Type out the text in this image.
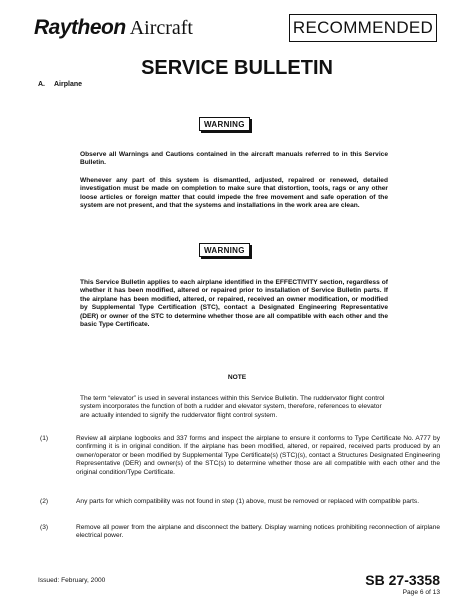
Raytheon Aircraft	RECOMMENDED
SERVICE BULLETIN
A. Airplane
WARNING
Observe all Warnings and Cautions contained in the aircraft manuals referred to in this Service Bulletin.
Whenever any part of this system is dismantled, adjusted, repaired or renewed, detailed investigation must be made on completion to make sure that distortion, tools, rags or any other loose articles or foreign matter that could impede the free movement and safe operation of the system are not present, and that the systems and installations in the work area are clean.
WARNING
This Service Bulletin applies to each airplane identified in the EFFECTIVITY section, regardless of whether it has been modified, altered or repaired prior to installation of Service Bulletin parts. If the airplane has been modified, altered, or repaired, received an owner modification, or modified by Supplemental Type Certification (STC), contact a Designated Engineering Representative (DER) or owner of the STC to determine whether those are all compatible with each other and the basic Type Certificate.
NOTE
The term “elevator” is used in several instances within this Service Bulletin. The ruddervator flight control system incorporates the function of both a rudder and elevator system, therefore, references to elevator are actually intended to signify the ruddervator flight control system.
(1)	Review all airplane logbooks and 337 forms and inspect the airplane to ensure it conforms to Type Certificate No. A777 by confirming it is in original condition. If the airplane has been modified, altered, or repaired, received parts produced by an owner/operator or been modified by Supplemental Type Certificate(s) (STC)(s), contact a Structures Designated Engineering Representative (DER) and owner(s) of the STC(s) to determine whether those are all compatible with each other and the original condition/Type Certificate.
(2)	Any parts for which compatibility was not found in step (1) above, must be removed or replaced with compatible parts.
(3)	Remove all power from the airplane and disconnect the battery. Display warning notices prohibiting reconnection of airplane electrical power.
Issued: February, 2000	SB 27-3358
Page 6 of 13
